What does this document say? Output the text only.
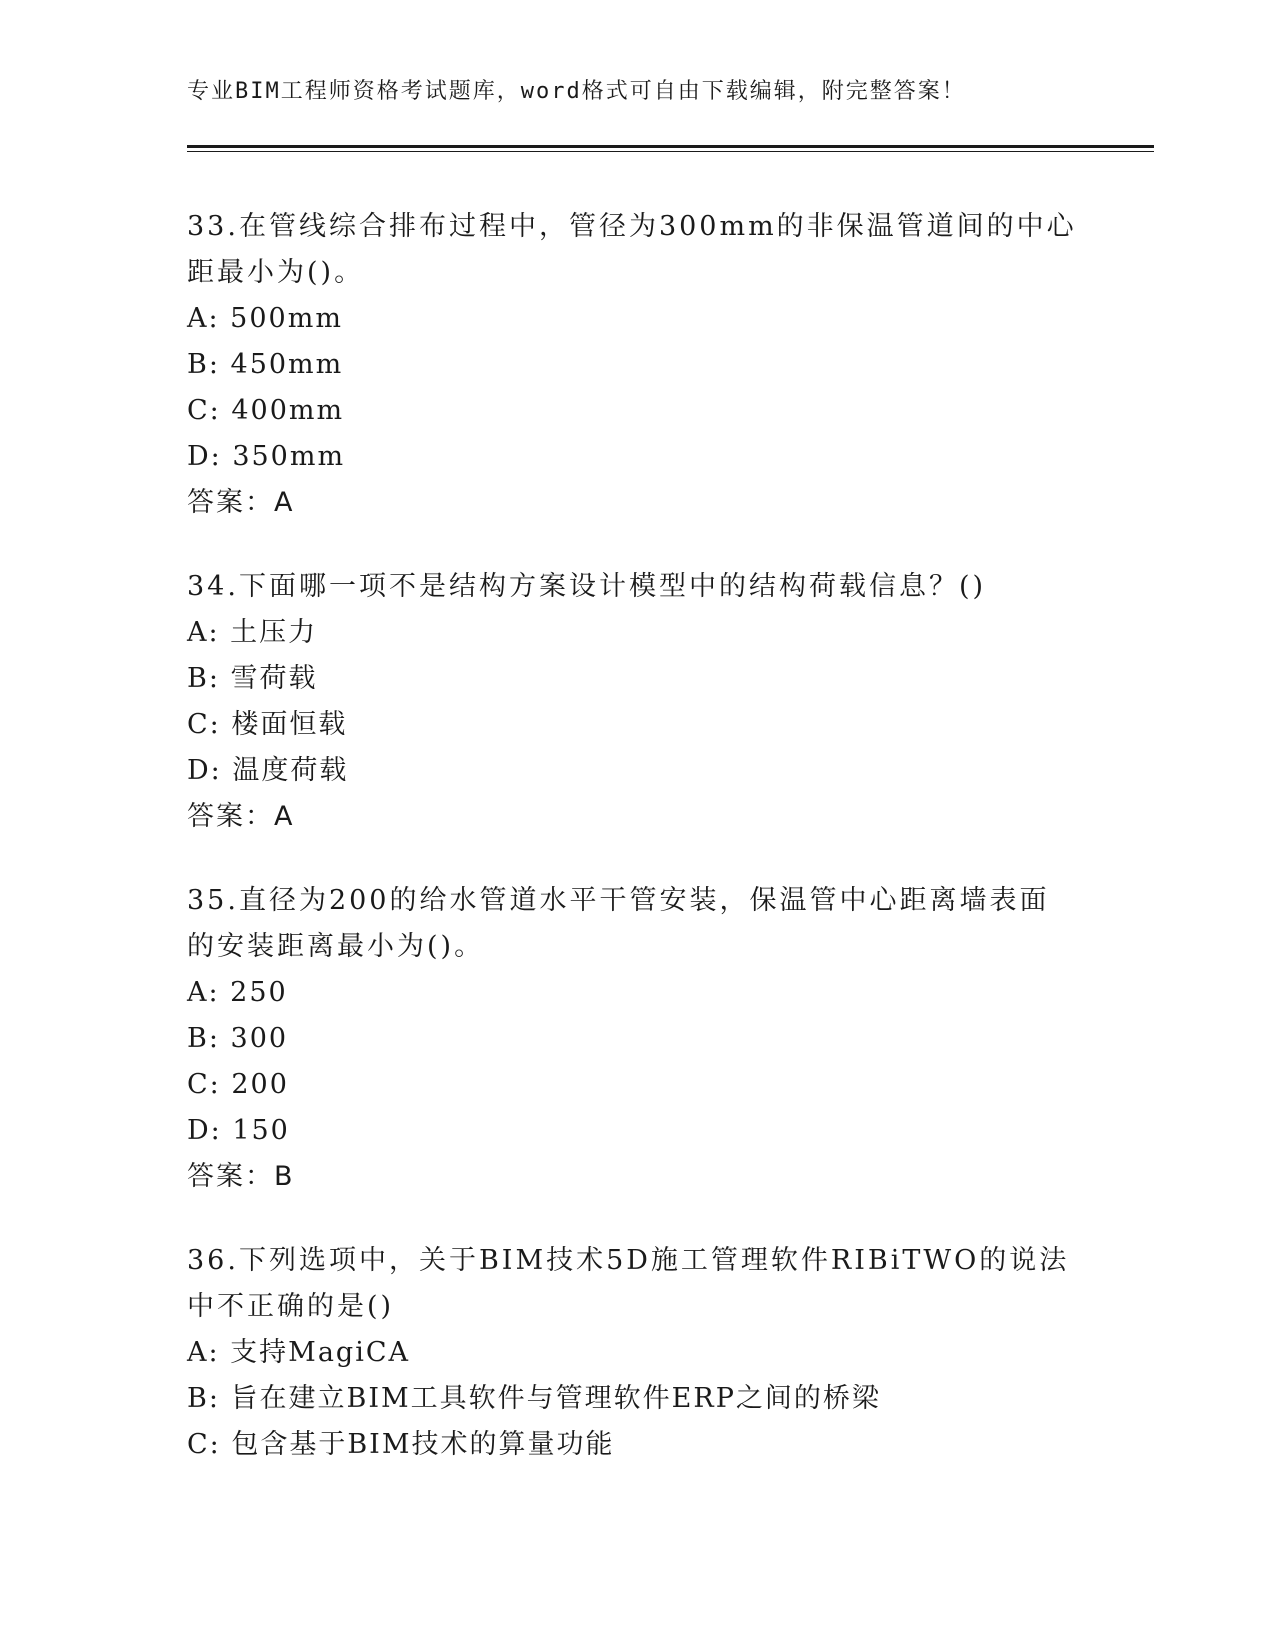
专业BIM工程师资格考试题库，word格式可自由下载编辑，附完整答案！

33.在管线综合排布过程中，管径为300mm的非保温管道间的中心距最小为()。

A: 500mm

B: 450mm

C: 400mm

D: 350mm

答案：A

34.下面哪一项不是结构方案设计模型中的结构荷载信息？()

A: 土压力

B: 雪荷载

C: 楼面恒载

D: 温度荷载

答案：A

35.直径为200的给水管道水平干管安装，保温管中心距离墙表面的安装距离最小为()。

A: 250

B: 300

C: 200

D: 150

答案：B

36.下列选项中，关于BIM技术5D施工管理软件RIBiTWO的说法中不正确的是()

A: 支持MagiCA

B: 旨在建立BIM工具软件与管理软件ERP之间的桥梁

C: 包含基于BIM技术的算量功能
